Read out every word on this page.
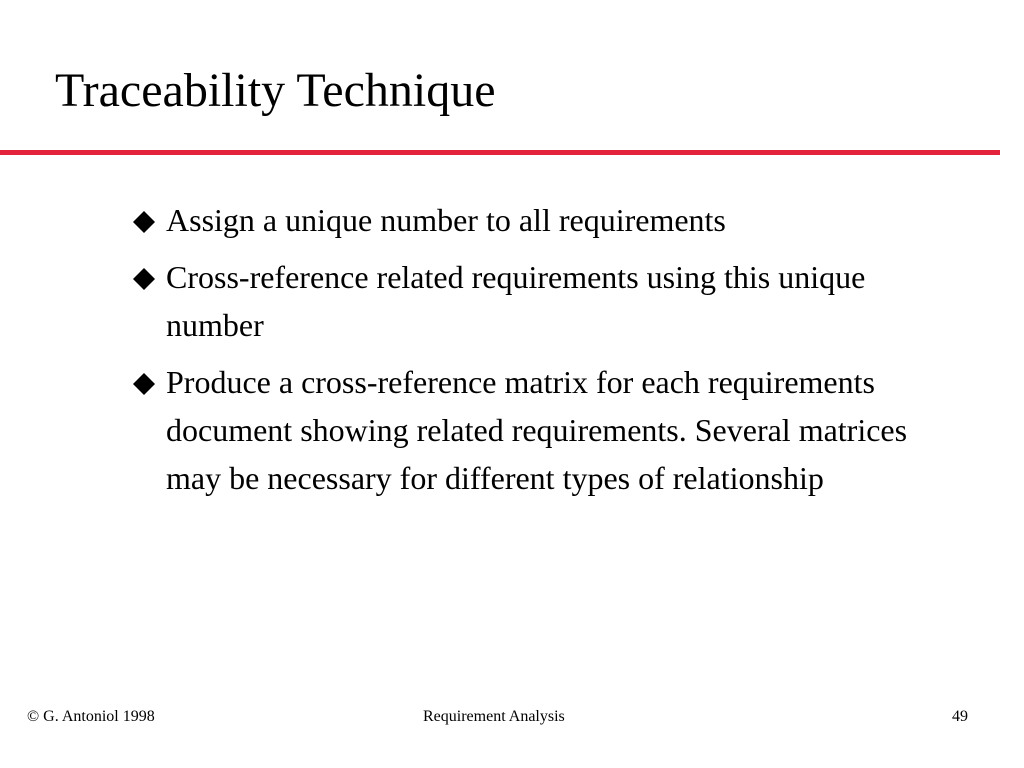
Traceability Technique
Assign a unique number to all requirements
Cross-reference related requirements using this unique number
Produce a cross-reference matrix for each requirements document showing related requirements. Several matrices may be necessary for different types of relationship
© G. Antoniol 1998	Requirement Analysis	49
